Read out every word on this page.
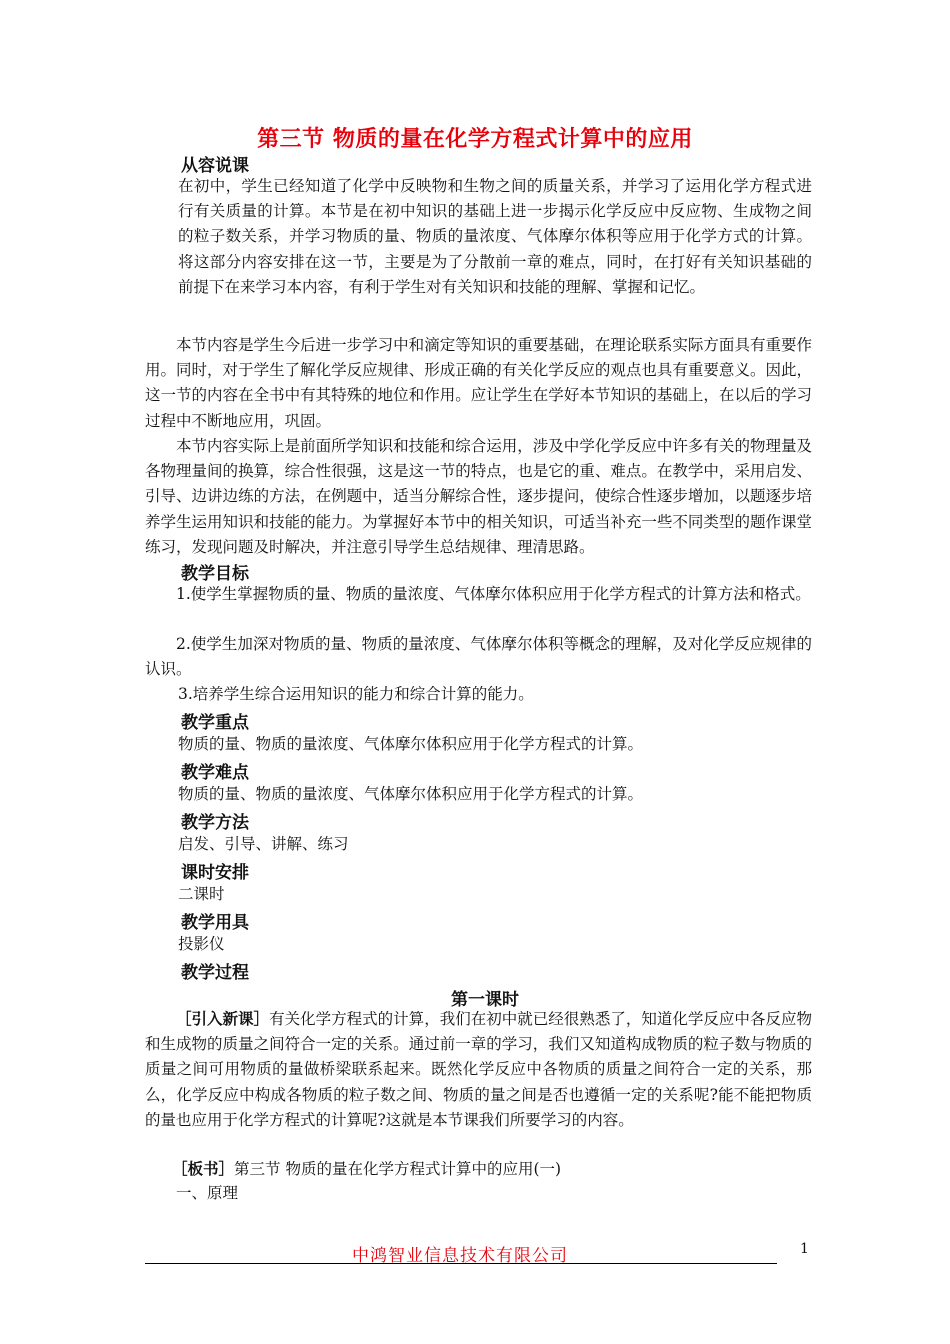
第三节 物质的量在化学方程式计算中的应用
从容说课
在初中，学生已经知道了化学中反映物和生物之间的质量关系，并学习了运用化学方程式进行有关质量的计算。本节是在初中知识的基础上进一步揭示化学反应中反应物、生成物之间的粒子数关系，并学习物质的量、物质的量浓度、气体摩尔体积等应用于化学方式的计算。将这部分内容安排在这一节，主要是为了分散前一章的难点，同时，在打好有关知识基础的前提下在来学习本内容，有利于学生对有关知识和技能的理解、掌握和记忆。
本节内容是学生今后进一步学习中和滴定等知识的重要基础，在理论联系实际方面具有重要作用。同时，对于学生了解化学反应规律、形成正确的有关化学反应的观点也具有重要意义。因此，这一节的内容在全书中有其特殊的地位和作用。应让学生在学好本节知识的基础上，在以后的学习过程中不断地应用，巩固。
本节内容实际上是前面所学知识和技能和综合运用，涉及中学化学反应中许多有关的物理量及各物理量间的换算，综合性很强，这是这一节的特点，也是它的重、难点。在教学中，采用启发、引导、边讲边练的方法，在例题中，适当分解综合性，逐步提问，使综合性逐步增加，以题逐步培养学生运用知识和技能的能力。为掌握好本节中的相关知识，可适当补充一些不同类型的题作课堂练习，发现问题及时解决，并注意引导学生总结规律、理清思路。
教学目标
1.使学生掌握物质的量、物质的量浓度、气体摩尔体积应用于化学方程式的计算方法和格式。
2.使学生加深对物质的量、物质的量浓度、气体摩尔体积等概念的理解，及对化学反应规律的认识。
3.培养学生综合运用知识的能力和综合计算的能力。
教学重点
物质的量、物质的量浓度、气体摩尔体积应用于化学方程式的计算。
教学难点
物质的量、物质的量浓度、气体摩尔体积应用于化学方程式的计算。
教学方法
启发、引导、讲解、练习
课时安排
二课时
教学用具
投影仪
教学过程
第一课时
［引入新课］有关化学方程式的计算，我们在初中就已经很熟悉了，知道化学反应中各反应物和生成物的质量之间符合一定的关系。通过前一章的学习，我们又知道构成物质的粒子数与物质的质量之间可用物质的量做桥梁联系起来。既然化学反应中各物质的质量之间符合一定的关系，那么，化学反应中构成各物质的粒子数之间、物质的量之间是否也遵循一定的关系呢?能不能把物质的量也应用于化学方程式的计算呢?这就是本节课我们所要学习的内容。
［板书］第三节 物质的量在化学方程式计算中的应用(一)
一、原理
中鸿智业信息技术有限公司	1
